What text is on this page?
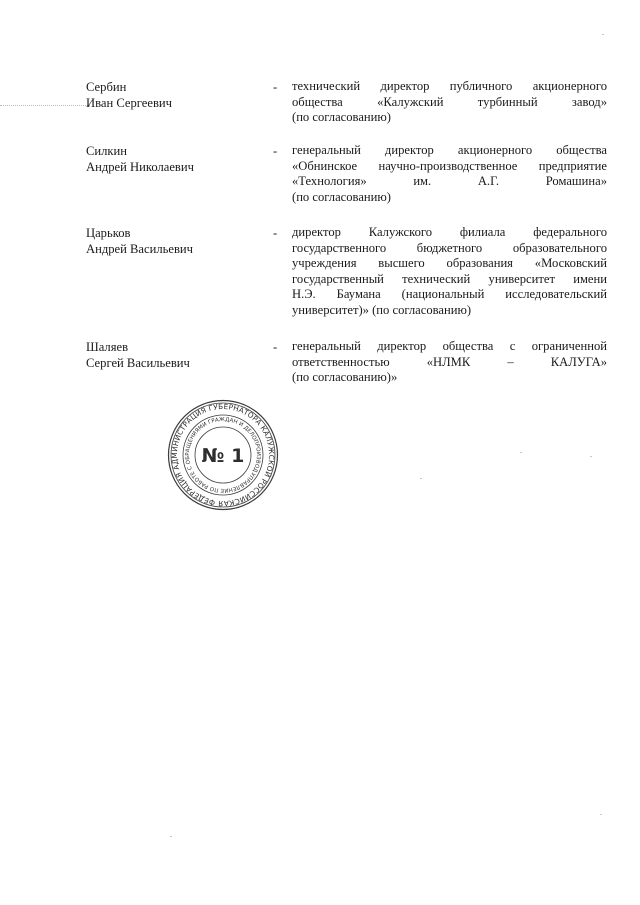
Сербин
Иван Сергеевич
- технический директор публичного акционерного
общества «Калужский турбинный завод»
(по согласованию)
Силкин
Андрей Николаевич
- генеральный директор акционерного общества
«Обнинское научно-производственное предприятие
«Технология» им. А.Г. Ромашина»
(по согласованию)
Царьков
Андрей Васильевич
- директор Калужского филиала федерального
государственного бюджетного образовательного
учреждения высшего образования «Московский
государственный технический университет имени
Н.Э. Баумана (национальный исследовательский
университет)» (по согласованию)
Шаляев
Сергей Васильевич
- генеральный директор общества с ограниченной
ответственностью «НЛМК – КАЛУГА»
(по согласованию)»
РОССИЙСКАЯ ФЕДЕРАЦИЯ АДМИНИСТРАЦИЯ ГУБЕРНАТОРА КАЛУЖСКОЙ
УПРАВЛЕНИЕ ПО РАБОТЕ С ОБРАЩЕНИЯМИ ГРАЖДАН И ДЕЛОПРОИЗВОДСТВУ
№ 1
